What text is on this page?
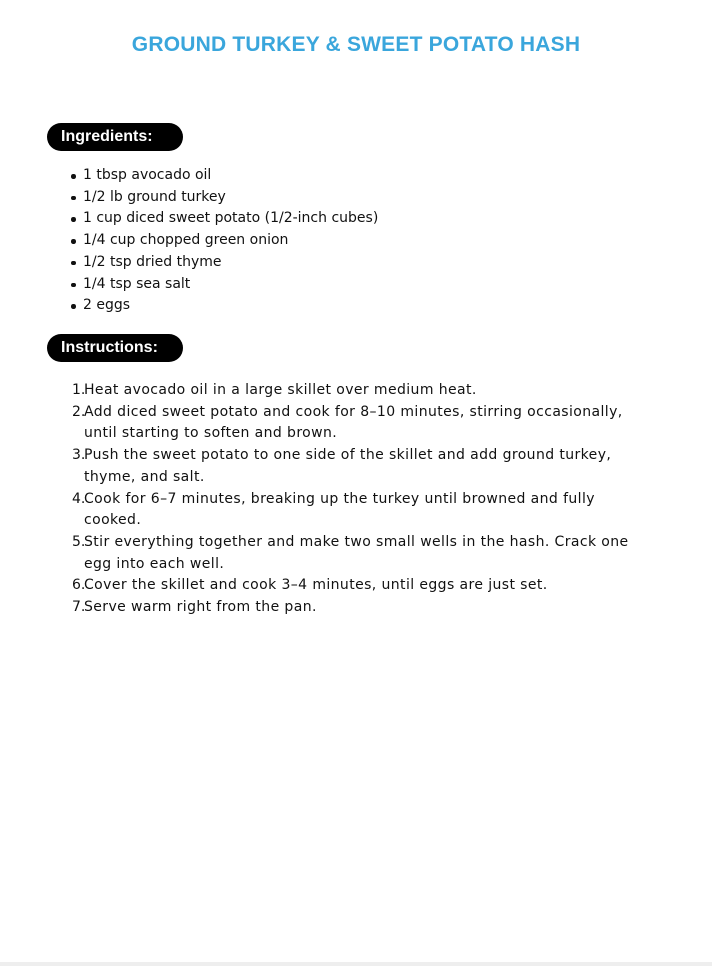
GROUND TURKEY & SWEET POTATO HASH
Ingredients:
1 tbsp avocado oil
1/2 lb ground turkey
1 cup diced sweet potato (1/2-inch cubes)
1/4 cup chopped green onion
1/2 tsp dried thyme
1/4 tsp sea salt
2 eggs
Instructions:
1.
Heat avocado oil in a large skillet over medium heat.
2.
Add diced sweet potato and cook for 8–10 minutes, stirring occasionally, until starting to soften and brown.
3.
Push the sweet potato to one side of the skillet and add ground turkey, thyme, and salt.
4.
Cook for 6–7 minutes, breaking up the turkey until browned and fully cooked.
5.
Stir everything together and make two small wells in the hash. Crack one egg into each well.
6.
Cover the skillet and cook 3–4 minutes, until eggs are just set.
7.
Serve warm right from the pan.
